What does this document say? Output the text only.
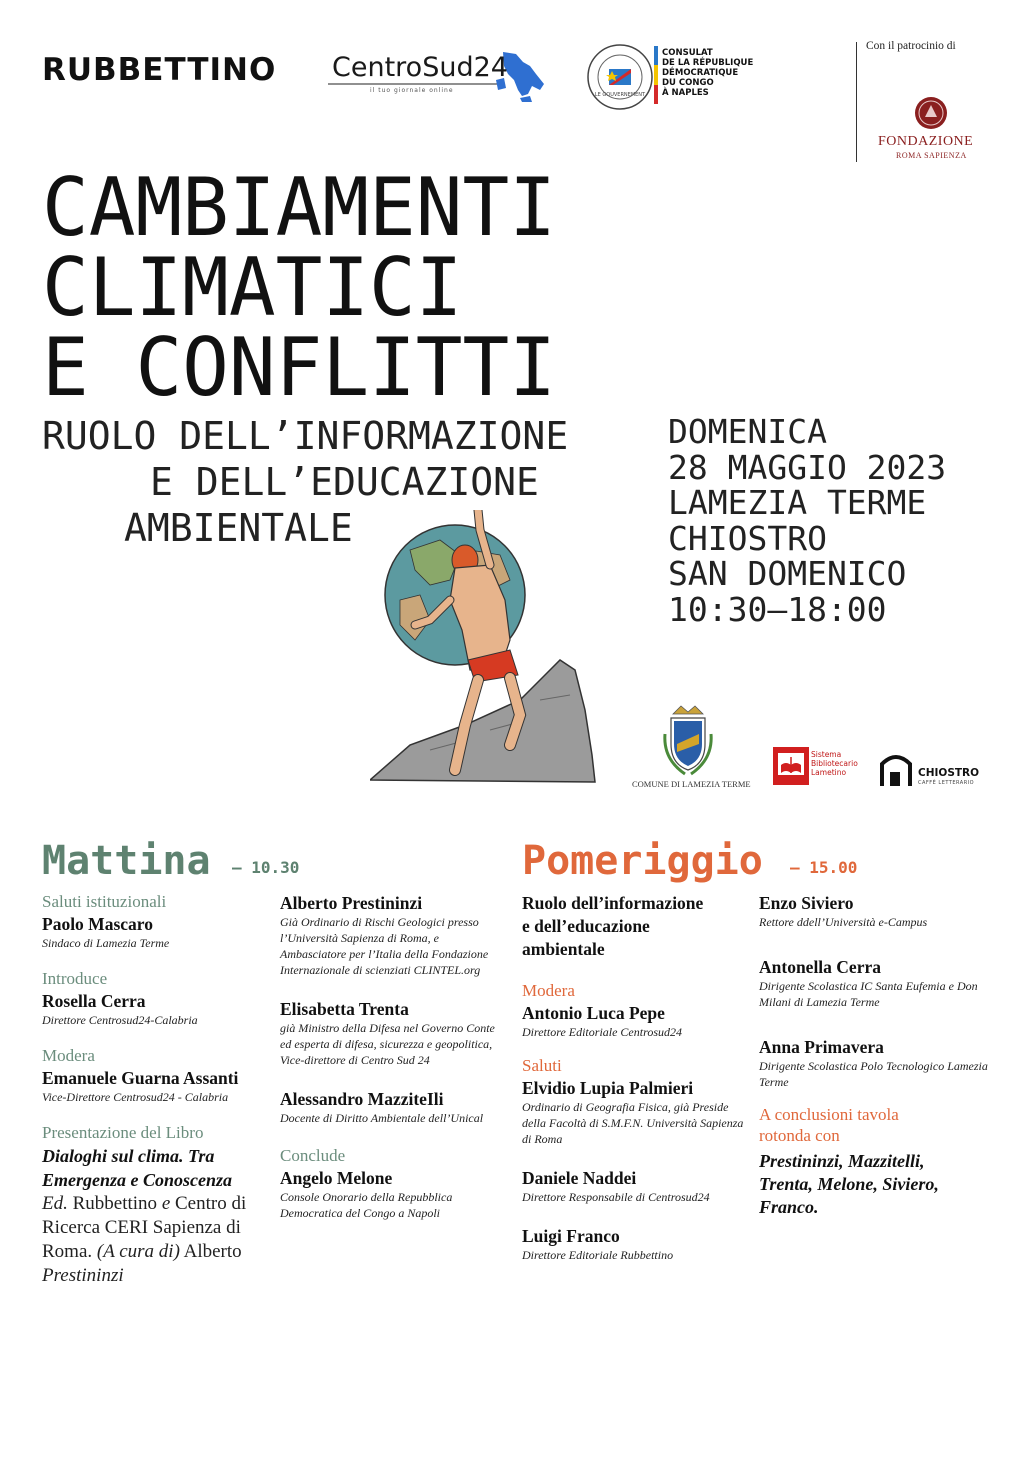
RUBBETTINO CentroSud24
il tuo giornale online
LE GOUVERNEMENT
CONSULAT
DE LA RÉPUBLIQUE
DÉMOCRATIQUE
DU CONGO
À NAPLES
Con il patrocinio di
FONDAZIONE
ROMA SAPIENZA
CAMBIAMENTI
CLIMATICI
E CONFLITTI
RUOLO DELL’INFORMAZIONE
E DELL’EDUCAZIONE
AMBIENTALE
DOMENICA
28 MAGGIO 2023
LAMEZIA TERME
CHIOSTRO
SAN DOMENICO
10:30–18:00
COMUNE DI LAMEZIA TERME
Sistema
Bibliotecario
Lametino	CHIOSTRO
CAFFÈ LETTERARIO
Mattina – 10.30	Pomeriggio – 15.00
Saluti istituzionali
Paolo Mascaro
Sindaco di Lamezia Terme
Introduce
Rosella Cerra
Direttore Centrosud24-Calabria
Modera
Emanuele Guarna Assanti
Vice-Direttore Centrosud24 - Calabria
Presentazione del Libro
Dialoghi sul clima. Tra Emergenza e Conoscenza
Ed. Rubbettino e Centro di Ricerca CERI Sapienza di Roma. (A cura di) Alberto Prestininzi
Alberto Prestininzi
Già Ordinario di Rischi Geologici presso l’Università Sapienza di Roma, e Ambasciatore per l’Italia della Fondazione Internazionale di scienziati CLINTEL.org
Elisabetta Trenta
già Ministro della Difesa nel Governo Conte ed esperta di difesa, sicurezza e geopolitica, Vice-direttore di Centro Sud 24
Alessandro MazziteIli
Docente di Diritto Ambientale dell’Unical
Conclude
Angelo Melone
Console Onorario della Repubblica Democratica del Congo a Napoli
Ruolo dell’informazione e dell’educazione ambientale
Modera
Antonio Luca Pepe
Direttore Editoriale Centrosud24
Saluti
Elvidio Lupia Palmieri
Ordinario di Geografia Fisica, già Preside della Facoltà di S.M.F.N. Università Sapienza di Roma
Daniele Naddei
Direttore Responsabile di Centrosud24
Luigi Franco
Direttore Editoriale Rubbettino
Enzo Siviero
Rettore ddell’Università e-Campus
Antonella Cerra
Dirigente Scolastica IC Santa Eufemia e Don Milani di Lamezia Terme
Anna Primavera
Dirigente Scolastica Polo Tecnologico Lamezia Terme
A conclusioni tavola rotonda con
Prestininzi, Mazzitelli, Trenta, Melone, Siviero, Franco.
